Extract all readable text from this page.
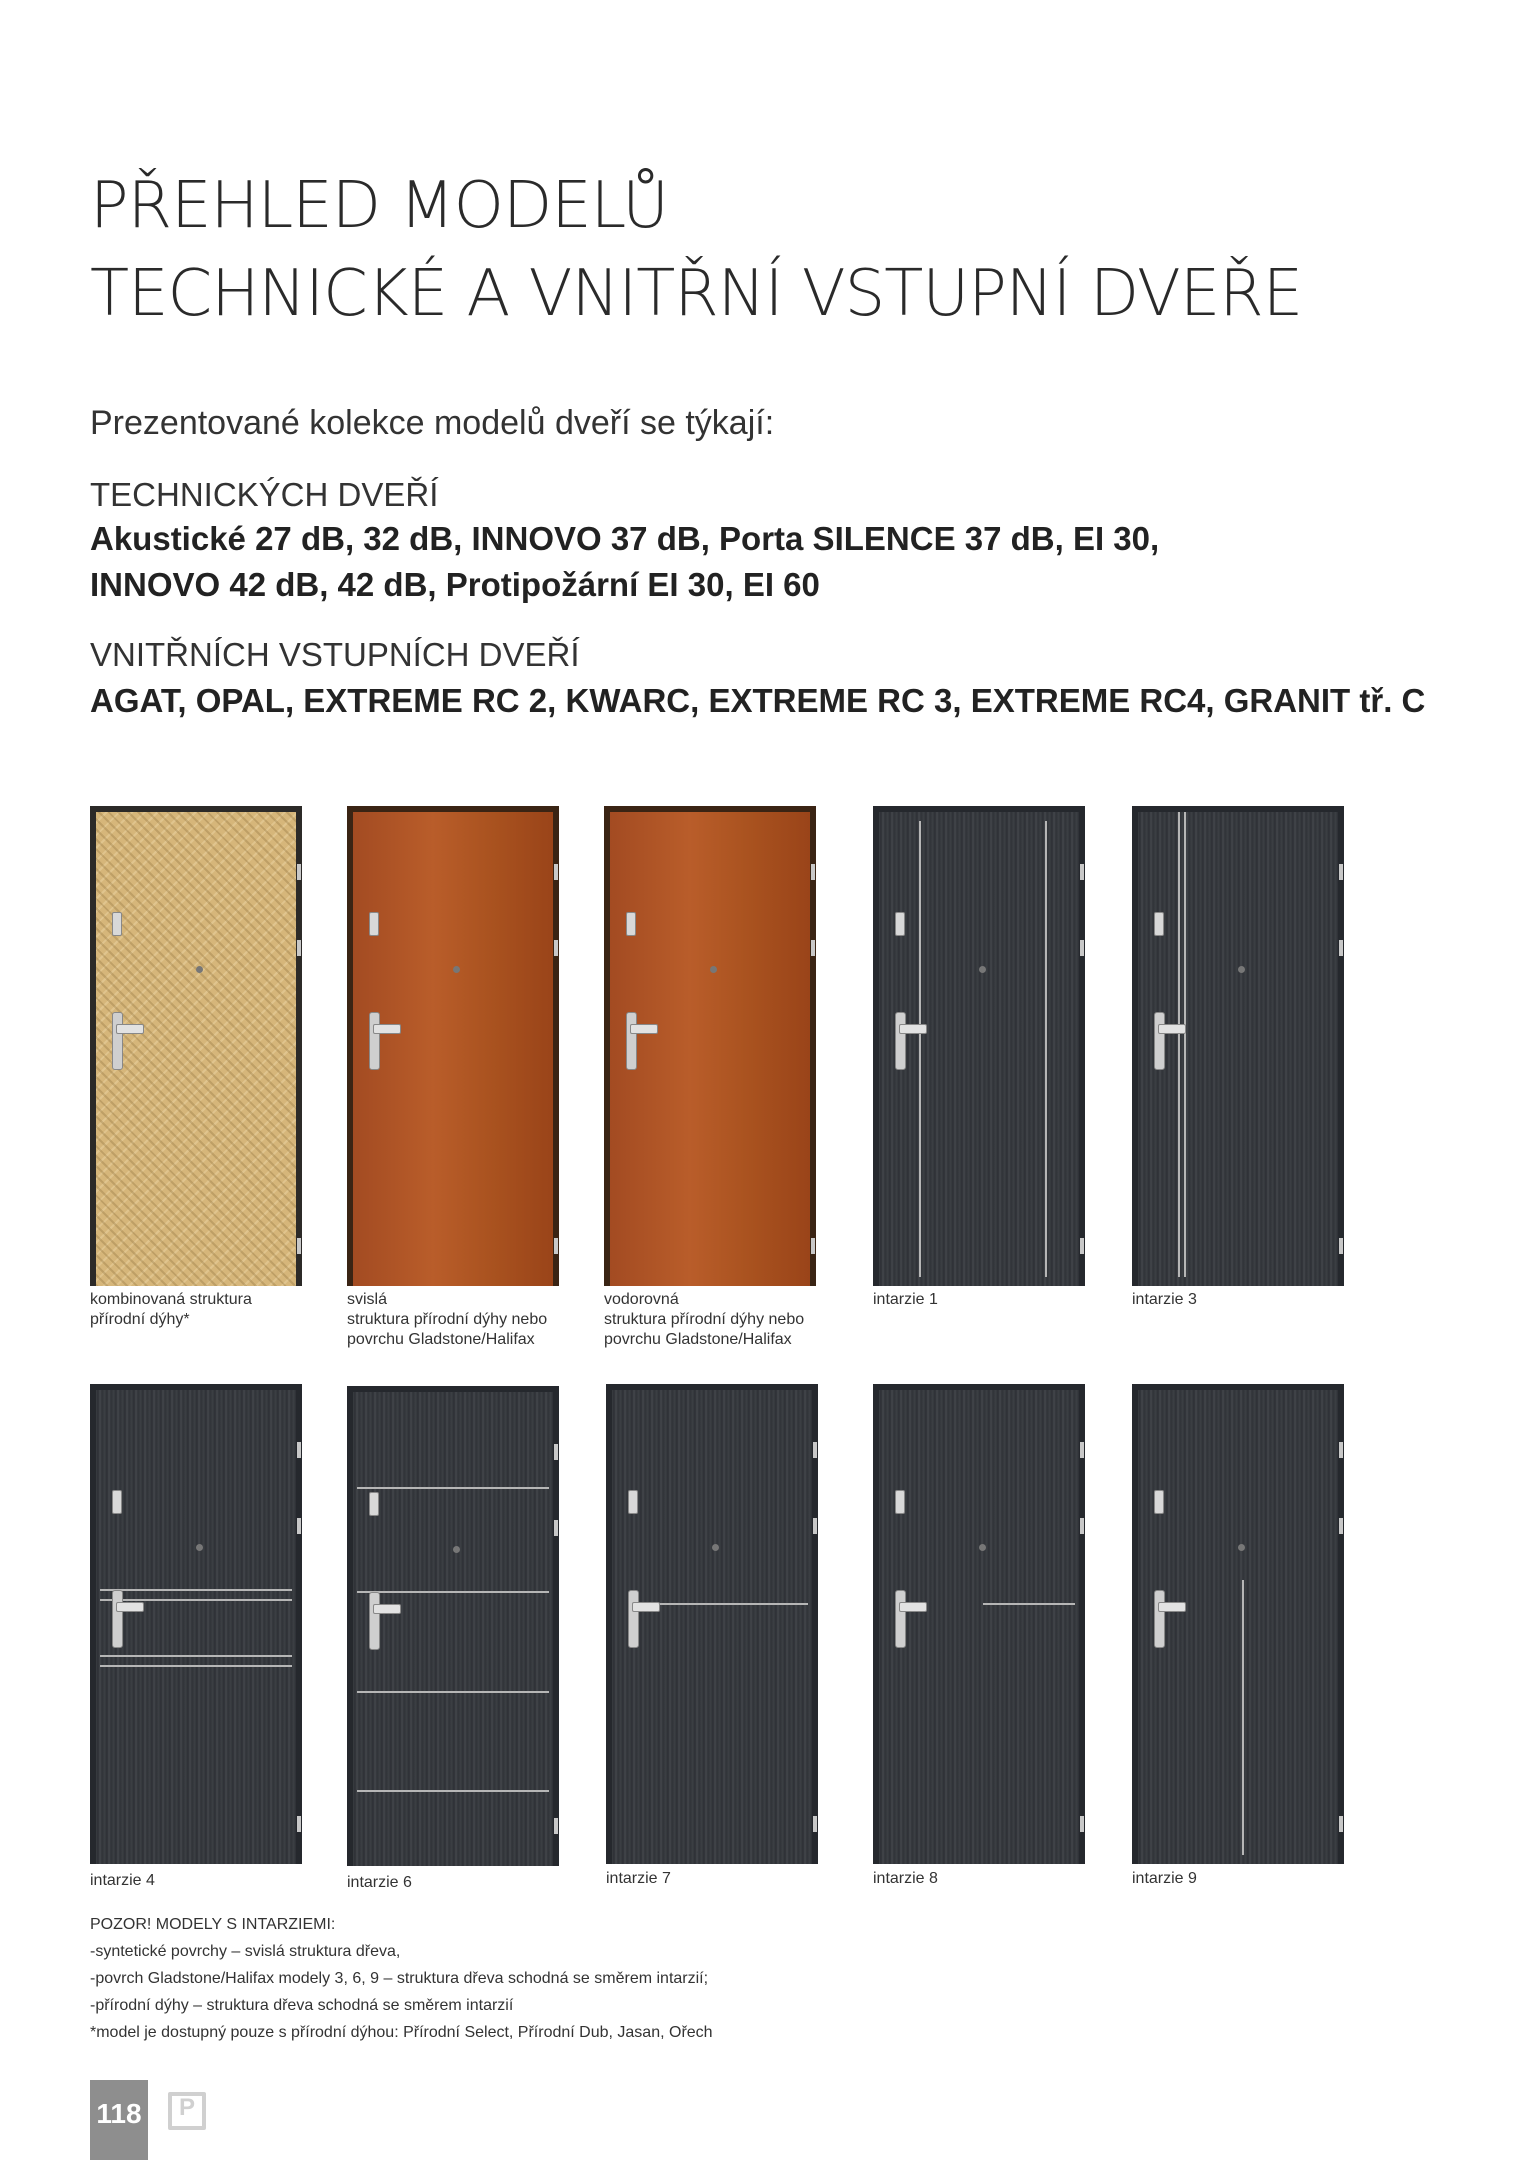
PŘEHLED MODELŮ
TECHNICKÉ A VNITŘNÍ VSTUPNÍ DVEŘE
Prezentované kolekce modelů dveří se týkají:
TECHNICKÝCH DVEŘÍ
Akustické 27 dB, 32 dB, INNOVO 37 dB, Porta SILENCE 37 dB, EI 30,
INNOVO 42 dB, 42 dB, Protipožární EI 30, EI 60
VNITŘNÍCH VSTUPNÍCH DVEŘÍ
AGAT, OPAL, EXTREME RC 2, KWARC, EXTREME RC 3, EXTREME RC4, GRANIT tř. C
kombinovaná struktura
přírodní dýhy*
svislá
struktura přírodní dýhy nebo
povrchu Gladstone/Halifax
vodorovná
struktura přírodní dýhy nebo
povrchu Gladstone/Halifax
intarzie 1	intarzie 3
intarzie 4	intarzie 6	intarzie 7	intarzie 8	intarzie 9
POZOR! MODELY S INTARZIEMI:
-syntetické povrchy – svislá struktura dřeva,
-povrch Gladstone/Halifax modely 3, 6, 9 – struktura dřeva schodná se směrem intarzií;
-přírodní dýhy – struktura dřeva schodná se směrem intarzií
*model je dostupný pouze s přírodní dýhou: Přírodní Select, Přírodní Dub, Jasan, Ořech
118 P
